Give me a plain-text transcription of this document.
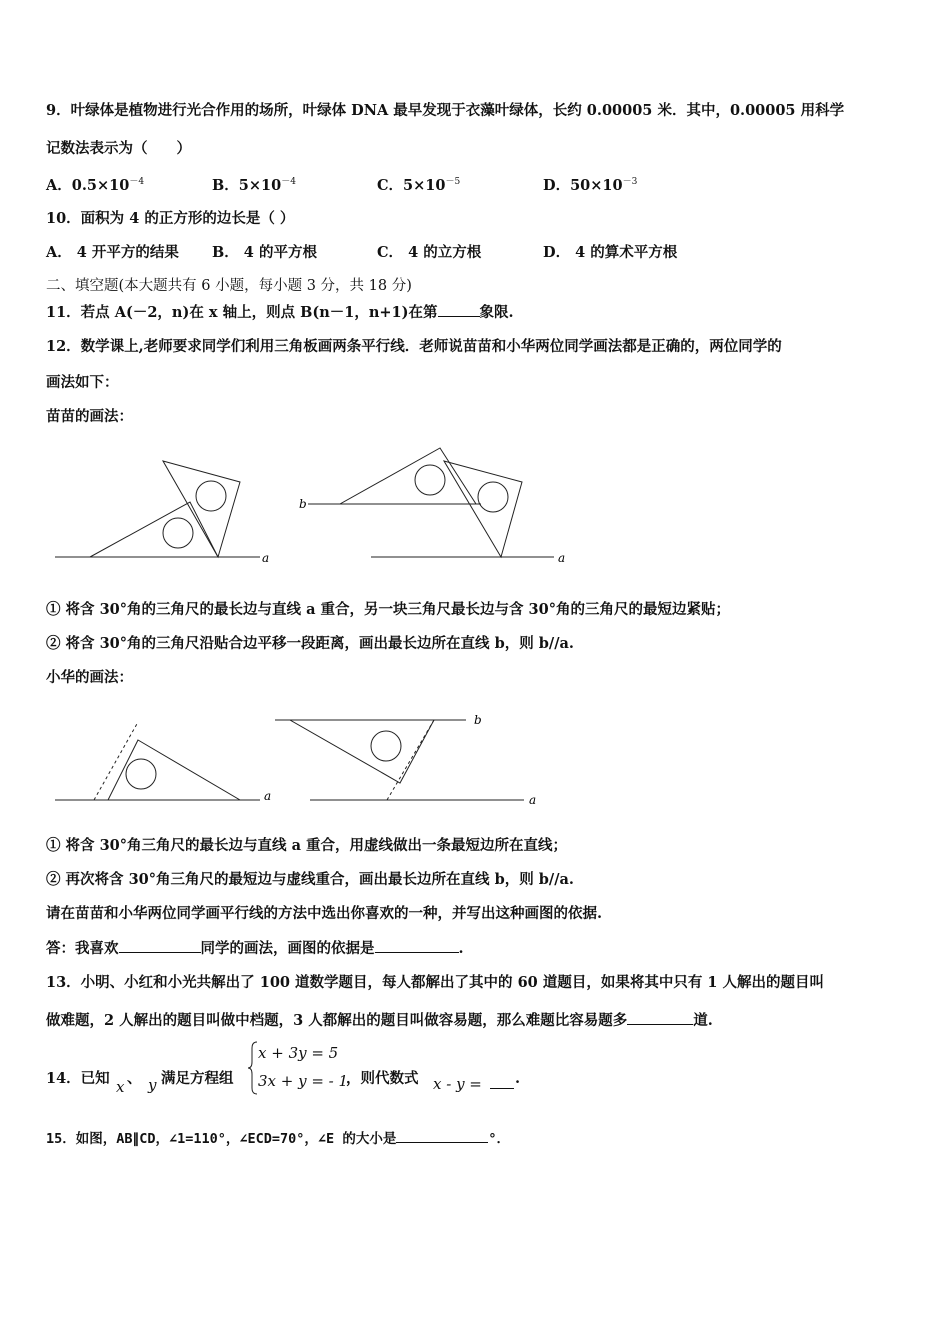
9．叶绿体是植物进行光合作用的场所，叶绿体 DNA 最早发现于衣藻叶绿体，长约 0.00005 米．其中，0.00005 用科学
记数法表示为（　　）
A．$0.5\times 10^{-4}$	B．$5\times 10^{-4}$	C．$5\times 10^{-5}$	D．$50\times 10^{-3}$
10．面积为 4 的正方形的边长是（ ）
A． 4 开平方的结果 B． 4 的平方根	C． 4 的立方根	D． 4 的算术平方根
二、填空题(本大题共有 6 小题，每小题 3 分，共 18 分)
11．若点 A(－2，n)在 x 轴上，则点 B(n－1，n+1)在第	象限.
12．数学课上,老师要求同学们利用三角板画两条平行线．老师说苗苗和小华两位同学画法都是正确的，两位同学的
画法如下：
苗苗的画法：
a
b
a
① 将含 30°角的三角尺的最长边与直线 a 重合，另一块三角尺最长边与含 30°角的三角尺的最短边紧贴；
② 将含 30°角的三角尺沿贴合边平移一段距离，画出最长边所在直线 b，则 b//a.
小华的画法：
a
b
a
① 将含 30°角三角尺的最长边与直线 a 重合，用虚线做出一条最短边所在直线；
② 再次将含 30°角三角尺的最短边与虚线重合，画出最长边所在直线 b，则 b//a.
请在苗苗和小华两位同学画平行线的方法中选出你喜欢的一种，并写出这种画图的依据.
答：我喜欢	同学的画法，画图的依据是	.
13．小明、小红和小光共解出了 100 道数学题目，每人都解出了其中的 60 道题目，如果将其中只有 1 人解出的题目叫
做难题，2 人解出的题目叫做中档题，3 人都解出的题目叫做容易题，那么难题比容易题多	道.
14．已知 x 、 y 满足方程组
x + 3y = 5
3x + y = - 1
，则代数式 x - y = .
15．如图，AB∥CD，∠1=110°，∠ECD=70°，∠E 的大小是	°．
